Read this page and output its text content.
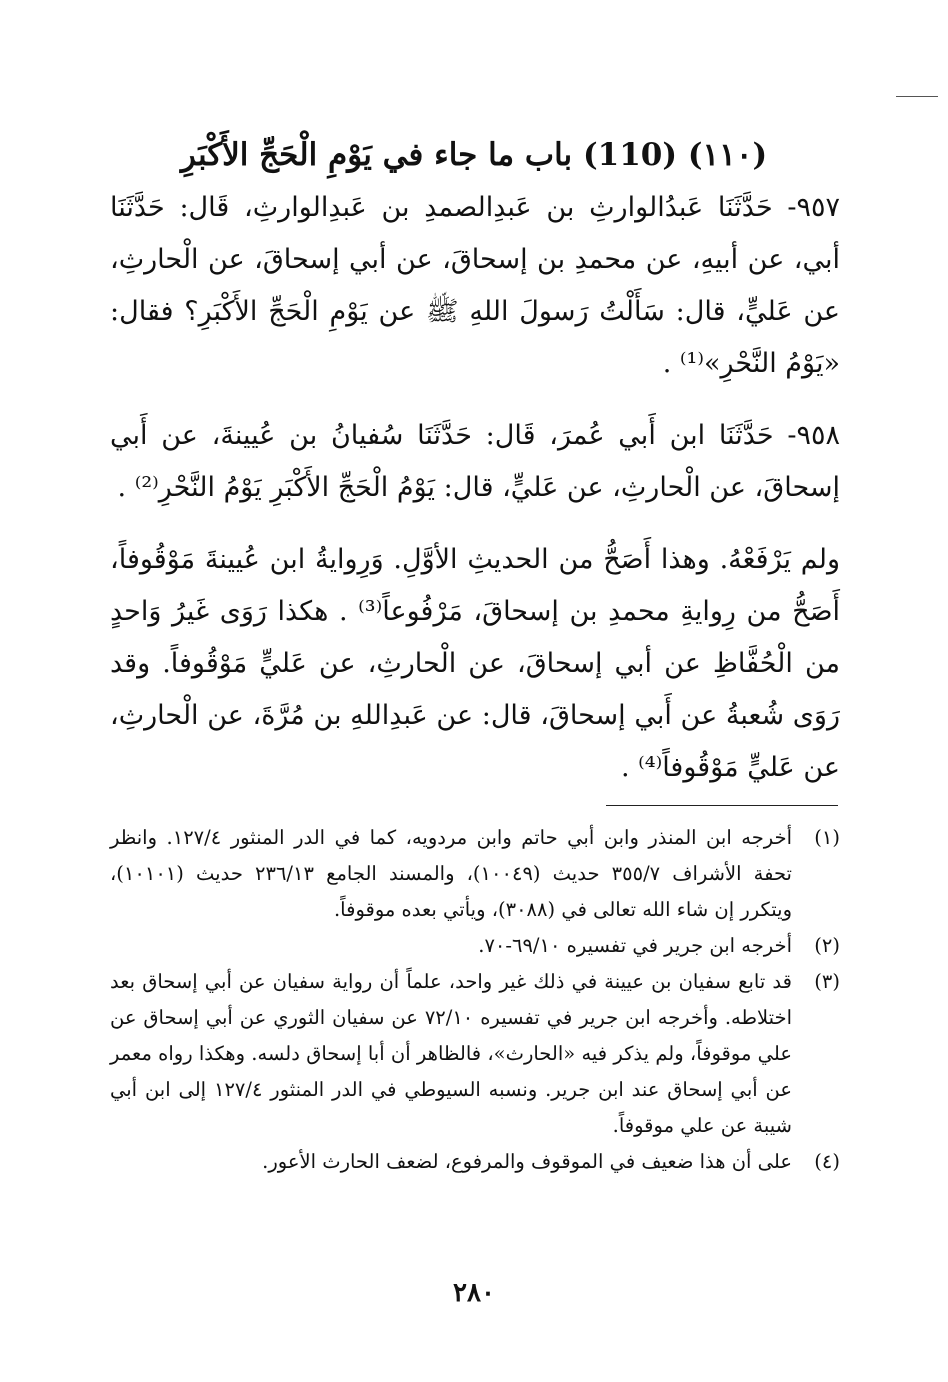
(١١٠) (110) باب ما جاء في يَوْمِ الْحَجِّ الأَكْبَرِ

٩٥٧- حَدَّثَنَا عَبدُالوارثِ بن عَبدِالصمدِ بن عَبدِالوارثِ، قَال: حَدَّثَنَا أبي، عن أبيهِ، عن محمدِ بن إسحاقَ، عن أبي إسحاقَ، عن الْحارثِ، عن عَليٍّ، قال: سَأَلْتُ رَسولَ اللهِ ﷺ عن يَوْمِ الْحَجِّ الأَكْبَرِ؟ فقال: «يَوْمُ النَّحْرِ»⁽¹⁾ .

٩٥٨- حَدَّثَنَا ابن أَبي عُمرَ، قَال: حَدَّثَنَا سُفيانُ بن عُيينةَ، عن أَبي إسحاقَ، عن الْحارثِ، عن عَليٍّ، قال: يَوْمُ الْحَجِّ الأَكْبَرِ يَوْمُ النَّحْرِ⁽²⁾ .

ولم يَرْفَعْهُ. وهذا أَصَحُّ من الحديثِ الأوَّلِ. وَرِوايةُ ابن عُيينةَ مَوْقُوفاً، أَصَحُّ من رِوايةِ محمدِ بن إسحاقَ، مَرْفُوعاً⁽³⁾ . هكذا رَوَى غَيرُ وَاحدٍ من الْحُفَّاظِ عن أبي إسحاقَ، عن الْحارثِ، عن عَليٍّ مَوْقُوفاً. وقد رَوَى شُعبةُ عن أَبي إسحاقَ، قال: عن عَبدِاللهِ بن مُرَّةَ، عن الْحارثِ، عن عَليٍّ مَوْقُوفاً⁽⁴⁾ .

(١)
أخرجه ابن المنذر وابن أبي حاتم وابن مردويه، كما في الدر المنثور ١٢٧/٤. وانظر تحفة الأشراف ٣٥٥/٧ حديث (١٠٠٤٩)، والمسند الجامع ٢٣٦/١٣ حديث (١٠١٠١)، ويتكرر إن شاء الله تعالى في (٣٠٨٨)، ويأتي بعده موقوفاً.
(٢)
أخرجه ابن جرير في تفسيره ٦٩/١٠-٧٠.
(٣)
قد تابع سفيان بن عيينة في ذلك غير واحد، علماً أن رواية سفيان عن أبي إسحاق بعد اختلاطه. وأخرجه ابن جرير في تفسيره ٧٢/١٠ عن سفيان الثوري عن أبي إسحاق عن علي موقوفاً، ولم يذكر فيه «الحارث»، فالظاهر أن أبا إسحاق دلسه. وهكذا رواه معمر عن أبي إسحاق عند ابن جرير. ونسبه السيوطي في الدر المنثور ١٢٧/٤ إلى ابن أبي شيبة عن علي موقوفاً.
(٤)
على أن هذا ضعيف في الموقوف والمرفوع، لضعف الحارث الأعور.
٢٨٠
